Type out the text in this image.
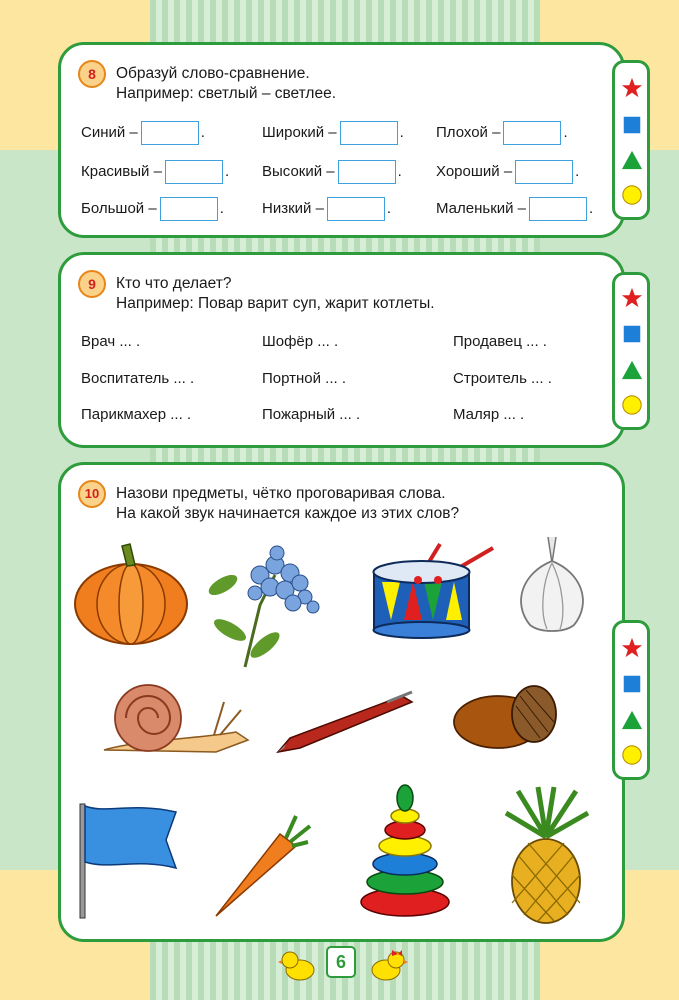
8	Образуй слово-сравнение.
Например: светлый – светлее.
Синий –	.	Широкий –	. Плохой –	.
Красивый –	. Высокий –	. Хороший –	.
Большой –	.	Низкий –	.	Маленький –	.
9	Кто что делает?
Например: Повар варит суп, жарит котлеты.
Врач ... .	Шофёр ... .	Продавец ... .
Воспитатель ... .	Портной ... .	Строитель ... .
Парикмахер ... .	Пожарный ... .	Маляр ... .
10	Назови предметы, чётко проговаривая слова.
На какой звук начинается каждое из этих слов?
6
